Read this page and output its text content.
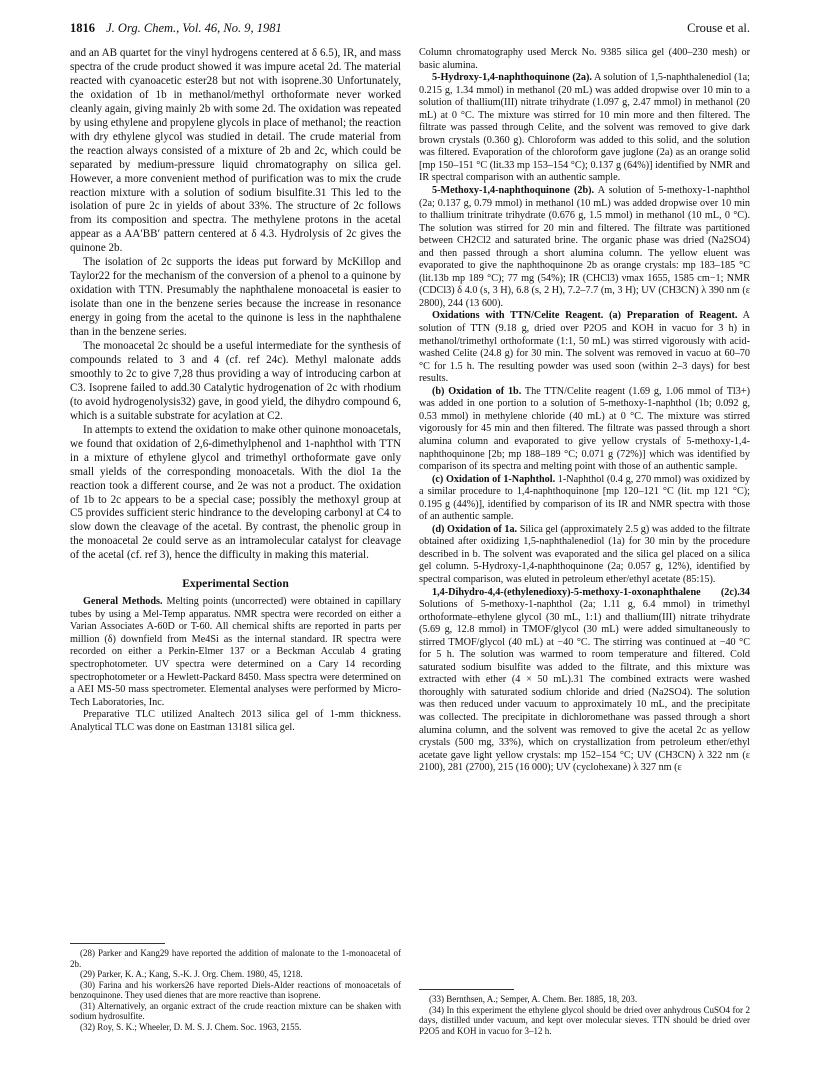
1816 J. Org. Chem., Vol. 46, No. 9, 1981	Crouse et al.

and an AB quartet for the vinyl hydrogens centered at δ 6.5), IR, and mass spectra of the crude product showed it was impure acetal 2d. The material reacted with cyanoacetic ester28 but not with isoprene.30 Unfortunately, the oxidation of 1b in methanol/methyl orthoformate never worked cleanly again, giving mainly 2b with some 2d. The oxidation was repeated by using ethylene and propylene glycols in place of methanol; the reaction with dry ethylene glycol was studied in detail. The crude material from the reaction always consisted of a mixture of 2b and 2c, which could be separated by medium-pressure liquid chromatography on silica gel. However, a more convenient method of purification was to mix the crude reaction mixture with a solution of sodium bisulfite.31 This led to the isolation of pure 2c in yields of about 33%. The structure of 2c follows from its composition and spectra. The methylene protons in the acetal appear as a AA′BB′ pattern centered at δ 4.3. Hydrolysis of 2c gives the quinone 2b.

The isolation of 2c supports the ideas put forward by McKillop and Taylor22 for the mechanism of the conversion of a phenol to a quinone by oxidation with TTN. Presumably the naphthalene monoacetal is easier to isolate than one in the benzene series because the increase in resonance energy in going from the acetal to the quinone is less in the naphthalene than in the benzene series.

The monoacetal 2c should be a useful intermediate for the synthesis of compounds related to 3 and 4 (cf. ref 24c). Methyl malonate adds smoothly to 2c to give 7,28 thus providing a way of introducing carbon at C3. Isoprene failed to add.30 Catalytic hydrogenation of 2c with rhodium (to avoid hydrogenolysis32) gave, in good yield, the dihydro compound 6, which is a suitable substrate for acylation at C2.

In attempts to extend the oxidation to make other quinone monoacetals, we found that oxidation of 2,6-dimethylphenol and 1-naphthol with TTN in a mixture of ethylene glycol and trimethyl orthoformate gave only small yields of the corresponding monoacetals. With the diol 1a the reaction took a different course, and 2e was not a product. The oxidation of 1b to 2c appears to be a special case; possibly the methoxyl group at C5 provides sufficient steric hindrance to the developing carbonyl at C4 to slow down the cleavage of the acetal. By contrast, the phenolic group in the monoacetal 2e could serve as an intramolecular catalyst for cleavage of the acetal (cf. ref 3), hence the difficulty in making this material.

Experimental Section

General Methods. Melting points (uncorrected) were obtained in capillary tubes by using a Mel-Temp apparatus. NMR spectra were recorded on either a Varian Associates A-60D or T-60. All chemical shifts are reported in parts per million (δ) downfield from Me4Si as the internal standard. IR spectra were recorded on either a Perkin-Elmer 137 or a Beckman Acculab 4 grating spectrophotometer. UV spectra were determined on a Cary 14 recording spectrophotometer or a Hewlett-Packard 8450. Mass spectra were determined on a AEI MS-50 mass spectrometer. Elemental analyses were performed by Micro-Tech Laboratories, Inc.

Preparative TLC utilized Analtech 2013 silica gel of 1-mm thickness. Analytical TLC was done on Eastman 13181 silica gel.

(28) Parker and Kang29 have reported the addition of malonate to the 1-monoacetal of 2b.

(29) Parker, K. A.; Kang, S.-K. J. Org. Chem. 1980, 45, 1218.

(30) Farina and his workers26 have reported Diels-Alder reactions of monoacetals of benzoquinone. They used dienes that are more reactive than isoprene.

(31) Alternatively, an organic extract of the crude reaction mixture can be shaken with sodium hydrosulfite.

(32) Roy, S. K.; Wheeler, D. M. S. J. Chem. Soc. 1963, 2155.

Column chromatography used Merck No. 9385 silica gel (400–230 mesh) or basic alumina.

5-Hydroxy-1,4-naphthoquinone (2a). A solution of 1,5-naphthalenediol (1a; 0.215 g, 1.34 mmol) in methanol (20 mL) was added dropwise over 10 min to a solution of thallium(III) nitrate trihydrate (1.097 g, 2.47 mmol) in methanol (20 mL) at 0 °C. The mixture was stirred for 10 min more and then filtered. The filtrate was passed through Celite, and the solvent was removed to give dark brown crystals (0.360 g). Chloroform was added to this solid, and the solution was filtered. Evaporation of the chloroform gave juglone (2a) as an orange solid [mp 150–151 °C (lit.33 mp 153–154 °C); 0.137 g (64%)] identified by NMR and IR spectral comparison with an authentic sample.

5-Methoxy-1,4-naphthoquinone (2b). A solution of 5-methoxy-1-naphthol (2a; 0.137 g, 0.79 mmol) in methanol (10 mL) was added dropwise over 10 min to thallium trinitrate trihydrate (0.676 g, 1.5 mmol) in methanol (10 mL, 0 °C). The solution was stirred for 20 min and filtered. The filtrate was partitioned between CH2Cl2 and saturated brine. The organic phase was dried (Na2SO4) and then passed through a short alumina column. The yellow eluent was evaporated to give the naphthoquinone 2b as orange crystals: mp 183–185 °C (lit.13b mp 189 °C); 77 mg (54%); IR (CHCl3) νmax 1655, 1585 cm−1; NMR (CDCl3) δ 4.0 (s, 3 H), 6.8 (s, 2 H), 7.2–7.7 (m, 3 H); UV (CH3CN) λ 390 nm (ε 2800), 244 (13 600).

Oxidations with TTN/Celite Reagent. (a) Preparation of Reagent. A solution of TTN (9.18 g, dried over P2O5 and KOH in vacuo for 3 h) in methanol/trimethyl orthoformate (1:1, 50 mL) was stirred vigorously with acid-washed Celite (24.8 g) for 30 min. The solvent was removed in vacuo at 60–70 °C for 1.5 h. The resulting powder was used soon (within 2–3 days) for best results.

(b) Oxidation of 1b. The TTN/Celite reagent (1.69 g, 1.06 mmol of Tl3+) was added in one portion to a solution of 5-methoxy-1-naphthol (1b; 0.092 g, 0.53 mmol) in methylene chloride (40 mL) at 0 °C. The mixture was stirred vigorously for 45 min and then filtered. The filtrate was passed through a short alumina column and evaporated to give yellow crystals of 5-methoxy-1,4-naphthoquinone [2b; mp 188–189 °C; 0.071 g (72%)] which was identified by comparison of its spectra and melting point with those of an authentic sample.

(c) Oxidation of 1-Naphthol. 1-Naphthol (0.4 g, 270 mmol) was oxidized by a similar procedure to 1,4-naphthoquinone [mp 120–121 °C (lit. mp 121 °C); 0.195 g (44%)], identified by comparison of its IR and NMR spectra with those of an authentic sample.

(d) Oxidation of 1a. Silica gel (approximately 2.5 g) was added to the filtrate obtained after oxidizing 1,5-naphthalenediol (1a) for 30 min by the procedure described in b. The solvent was evaporated and the silica gel placed on a silica gel column. 5-Hydroxy-1,4-naphthoquinone (2a; 0.057 g, 12%), identified by spectral comparison, was eluted in petroleum ether/ethyl acetate (85:15).

1,4-Dihydro-4,4-(ethylenedioxy)-5-methoxy-1-oxonaphthalene (2c).34 Solutions of 5-methoxy-1-naphthol (2a; 1.11 g, 6.4 mmol) in trimethyl orthoformate–ethylene glycol (30 mL, 1:1) and thallium(III) nitrate trihydrate (5.69 g, 12.8 mmol) in TMOF/glycol (30 mL) were added simultaneously to stirred TMOF/glycol (40 mL) at −40 °C. The stirring was continued at −40 °C for 5 h. The solution was warmed to room temperature and filtered. Cold saturated sodium bisulfite was added to the filtrate, and this mixture was extracted with ether (4 × 50 mL).31 The combined extracts were washed thoroughly with saturated sodium chloride and dried (Na2SO4). The solution was then reduced under vacuum to approximately 10 mL, and the precipitate was collected. The precipitate in dichloromethane was passed through a short alumina column, and the solvent was removed to give the acetal 2c as yellow crystals (500 mg, 33%), which on crystallization from petroleum ether/ethyl acetate gave light yellow crystals: mp 152–154 °C; UV (CH3CN) λ 322 nm (ε 2100), 281 (2700), 215 (16 000); UV (cyclohexane) λ 327 nm (ε

(33) Bernthsen, A.; Semper, A. Chem. Ber. 1885, 18, 203.

(34) In this experiment the ethylene glycol should be dried over anhydrous CuSO4 for 2 days, distilled under vacuum, and kept over molecular sieves. TTN should be dried over P2O5 and KOH in vacuo for 3–12 h.
